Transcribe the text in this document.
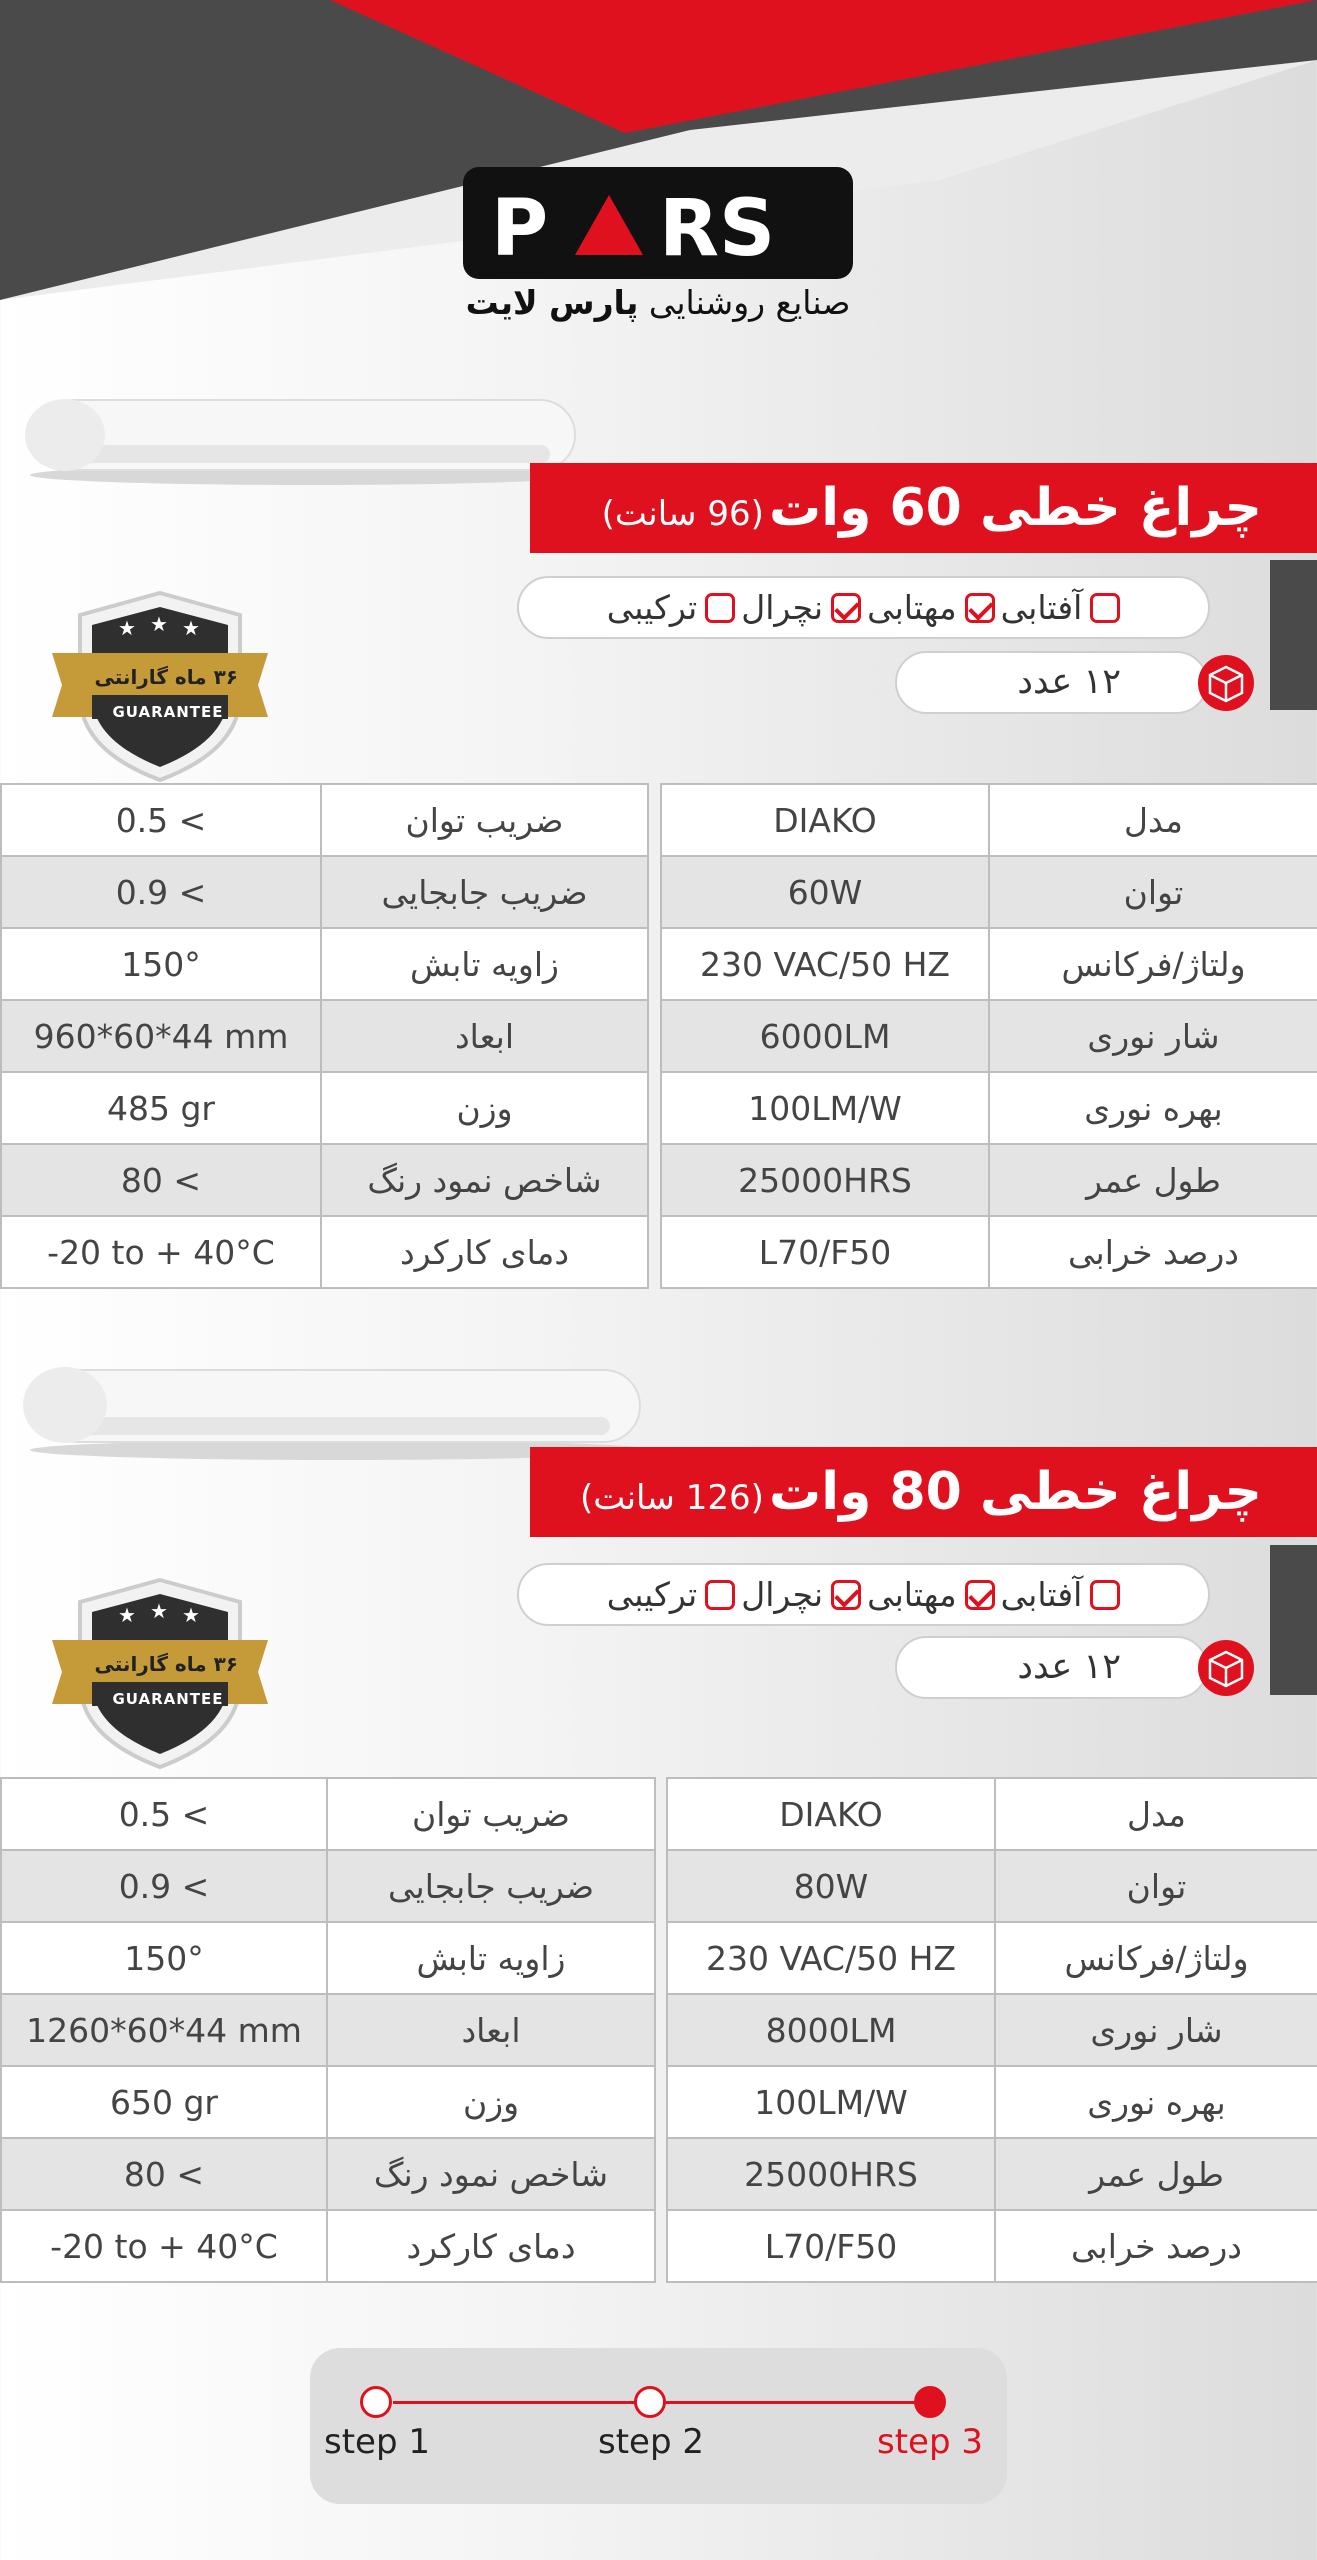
P RS
صنایع روشنایی پارس لایت
چراغ خطی 60 وات (96 سانت)
آفتابی
مهتابی
نچرال
ترکیبی
۱۲ عدد
★ ★ ★
۳۶ ماه گارانتی
GUARANTEE
DIAKO	مدل
60W	توان
230 VAC/50 HZ	ولتاژ/فرکانس
6000LM	شار نوری
100LM/W	بهره نوری
25000HRS	طول عمر
L70/F50	درصد خرابی
0.5 <	ضریب توان
0.9 <	ضریب جابجایی
150°	زاویه تابش
960*60*44 mm	ابعاد
485 gr	وزن
80 <	شاخص نمود رنگ
-20 to + 40°C	دمای کارکرد
چراغ خطی 80 وات (126 سانت)
آفتابی
مهتابی
نچرال
ترکیبی
۱۲ عدد
★ ★ ★
۳۶ ماه گارانتی
GUARANTEE
DIAKO	مدل
80W	توان
230 VAC/50 HZ	ولتاژ/فرکانس
8000LM	شار نوری
100LM/W	بهره نوری
25000HRS	طول عمر
L70/F50	درصد خرابی
0.5 <	ضریب توان
0.9 <	ضریب جابجایی
150°	زاویه تابش
1260*60*44 mm	ابعاد
650 gr	وزن
80 <	شاخص نمود رنگ
-20 to + 40°C	دمای کارکرد
step 1	step 2	step 3
